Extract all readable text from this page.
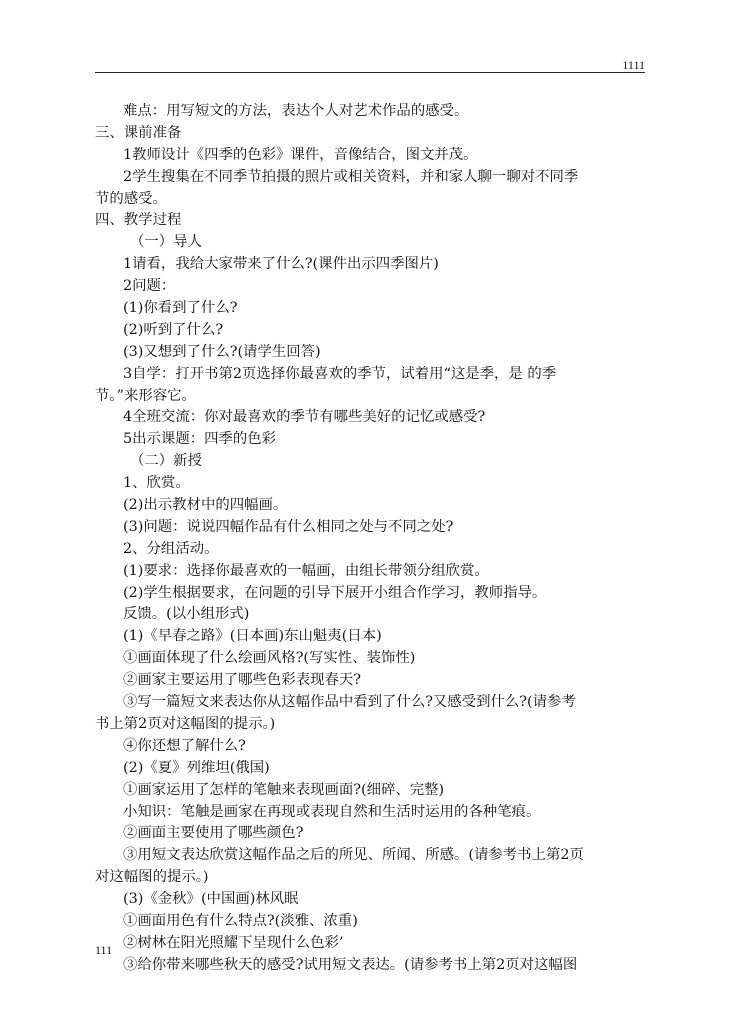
1111
难点：用写短文的方法，表达个人对艺术作品的感受。
三、课前准备
1教师设计《四季的色彩》课件，音像结合，图文并茂。
2学生搜集在不同季节拍摄的照片或相关资料，并和家人聊一聊对不同季
节的感受。
四、教学过程
（一）导人
1请看，我给大家带来了什么?(课件出示四季图片)
2问题：
(1)你看到了什么?
(2)听到了什么?
(3)又想到了什么?(请学生回答)
3自学：打开书第2页选择你最喜欢的季节，试着用“这是季，是 的季
节。”来形容它。
4全班交流：你对最喜欢的季节有哪些美好的记忆或感受?
5出示课题：四季的色彩
（二）新授
1、欣赏。
(2)出示教材中的四幅画。
(3)问题：说说四幅作品有什么相同之处与不同之处?
2、分组活动。
(1)要求：选择你最喜欢的一幅画，由组长带领分组欣赏。
(2)学生根据要求，在问题的引导下展开小组合作学习，教师指导。
反馈。(以小组形式)
(1)《早春之路》(日本画)东山魁夷(日本)
①画面体现了什么绘画风格?(写实性、装饰性)
②画家主要运用了哪些色彩表现春天?
③写一篇短文来表达你从这幅作品中看到了什么?又感受到什么?(请参考
书上第2页对这幅图的提示。)
④你还想了解什么?
(2)《夏》列维坦(俄国)
①画家运用了怎样的笔触来表现画面?(细碎、完整)
小知识：笔触是画家在再现或表现自然和生活时运用的各种笔痕。
②画面主要使用了哪些颜色?
③用短文表达欣赏这幅作品之后的所见、所闻、所感。(请参考书上第2页
对这幅图的提示。)
(3)《金秋》(中国画)林风眠
①画面用色有什么特点?(淡雅、浓重)
②树林在阳光照耀下呈现什么色彩’
③给你带来哪些秋天的感受?试用短文表达。(请参考书上第2页对这幅图
111
